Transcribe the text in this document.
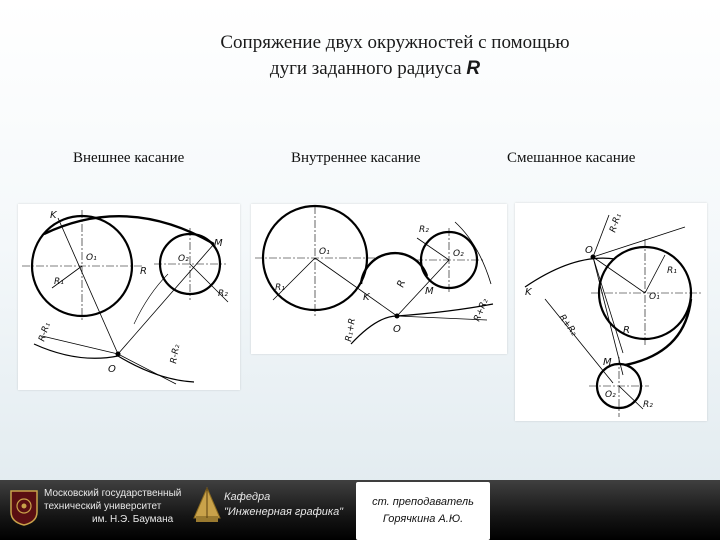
Сопряжение двух окружностей с помощью
дуги заданного радиуса R
Внешнее касание	Внутреннее касание	Смешанное касание
K
M
O
O₁	O₂
R₁
R
R₂
R-R₁
R-R₂
K
M
O
O₁	O₂
R₁
R₂
R
R₁+R
R+R₂
O
K
M
O₁
O₂
R₁
R₂
R
R-R₁
R+R₂
Московский государственный
технический университет
им. Н.Э. Баумана
Кафедра
"Инженерная графика"
ст. преподаватель
Горячкина А.Ю.
